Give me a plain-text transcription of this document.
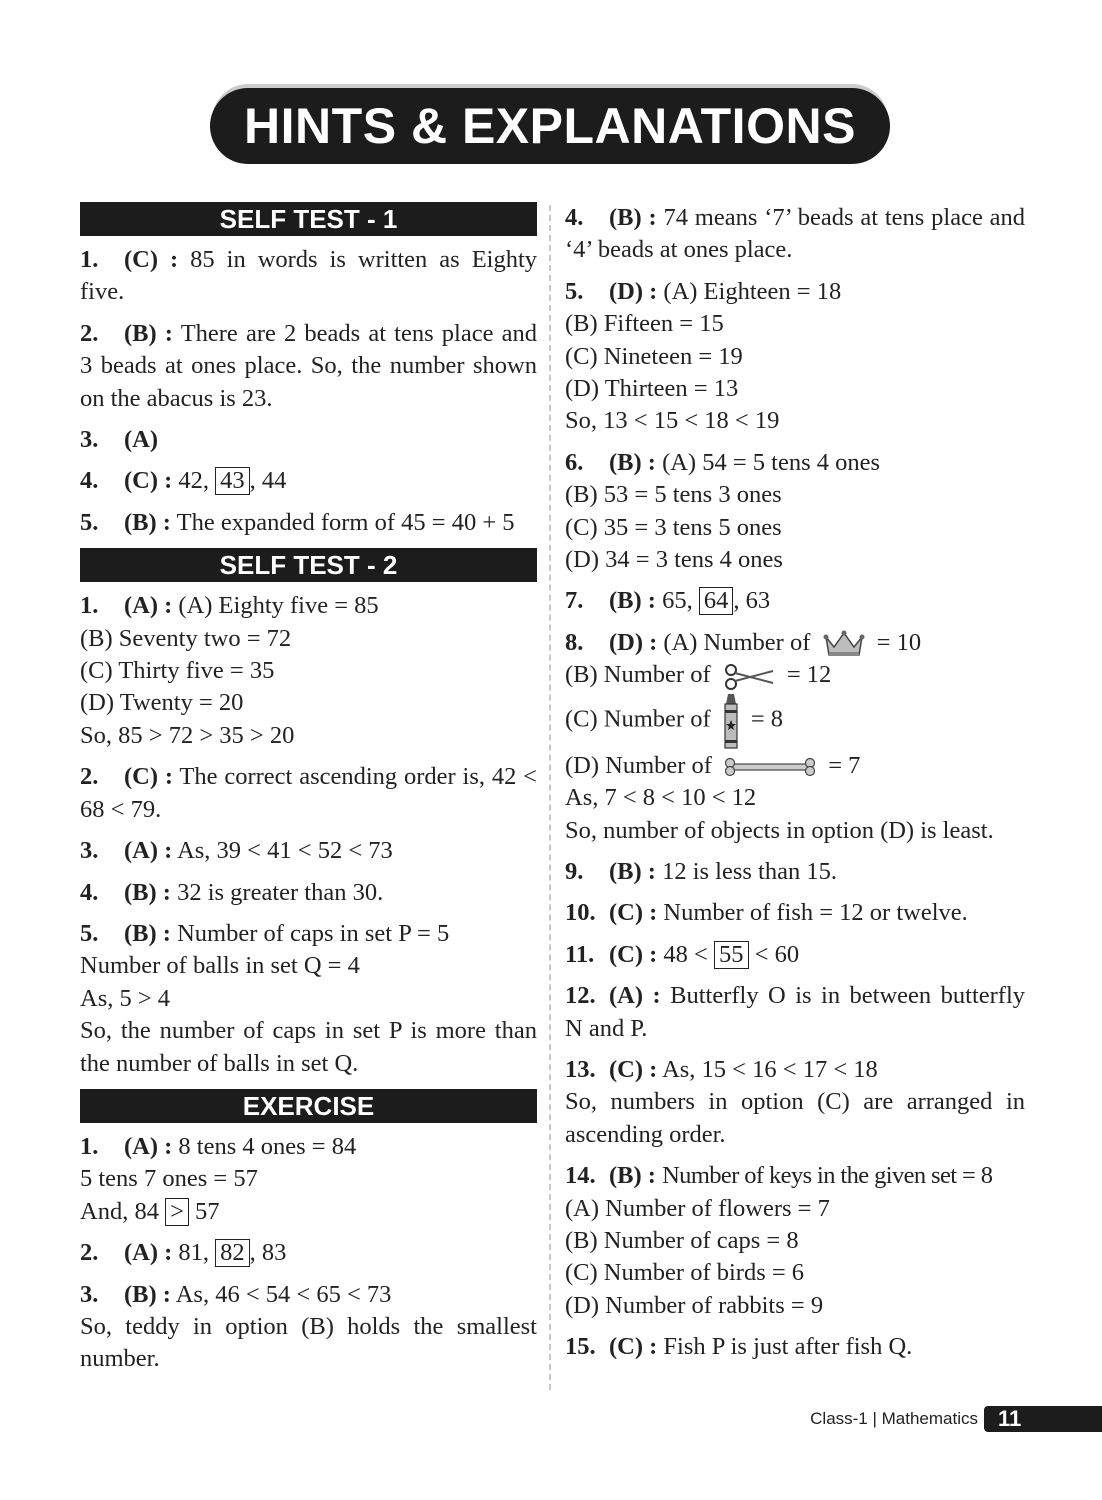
HINTS & EXPLANATIONS
SELF TEST - 1
1. (C) : 85 in words is written as Eighty five.
2. (B) : There are 2 beads at tens place and 3 beads at ones place. So, the number shown on the abacus is 23.
3. (A)
4. (C) : 42, 43 , 44
5. (B) : The expanded form of 45 = 40 + 5
SELF TEST - 2

1. (A) : (A) Eighty five = 85

(B) Seventy two = 72

(C) Thirty five = 35

(D) Twenty = 20

So, 85 > 72 > 35 > 20

2. (C) : The correct ascending order is, 42 < 68 < 79.
3. (A) : As, 39 < 41 < 52 < 73
4. (B) : 32 is greater than 30.

5. (B) : Number of caps in set P = 5

Number of balls in set Q = 4

As, 5 > 4

So, the number of caps in set P is more than the number of balls in set Q.

EXERCISE

1. (A) : 8 tens 4 ones = 84

5 tens 7 ones = 57

And, 84 > 57

2. (A) : 81, 82 , 83

3. (B) : As, 46 < 54 < 65 < 73

So, teddy in option (B) holds the smallest number.

4. (B) : 74 means ‘7’ beads at tens place and ‘4’ beads at ones place.

5. (D) : (A) Eighteen = 18

(B) Fifteen = 15

(C) Nineteen = 19

(D) Thirteen = 13

So, 13 < 15 < 18 < 19

6. (B) : (A) 54 = 5 tens 4 ones

(B) 53 = 5 tens 3 ones

(C) 35 = 3 tens 5 ones

(D) 34 = 3 tens 4 ones

7. (B) : 65, 64 , 63

8. (D) : (A) Number of	= 10

(B) Number of	= 12

(C) Number of = 8

(D) Number of	= 7

As, 7 < 8 < 10 < 12

So, number of objects in option (D) is least.

9. (B) : 12 is less than 15.
10. (C) : Number of fish = 12 or twelve.
11. (C) : 48 < 55 < 60
12. (A) : Butterfly O is in between butterfly N and P.

13. (C) : As, 15 < 16 < 17 < 18

So, numbers in option (C) are arranged in ascending order.

14. (B) : Number of keys in the given set = 8

(A) Number of flowers = 7

(B) Number of caps = 8

(C) Number of birds = 6

(D) Number of rabbits = 9

15. (C) : Fish P is just after fish Q.
Class-1 | Mathematics 11
